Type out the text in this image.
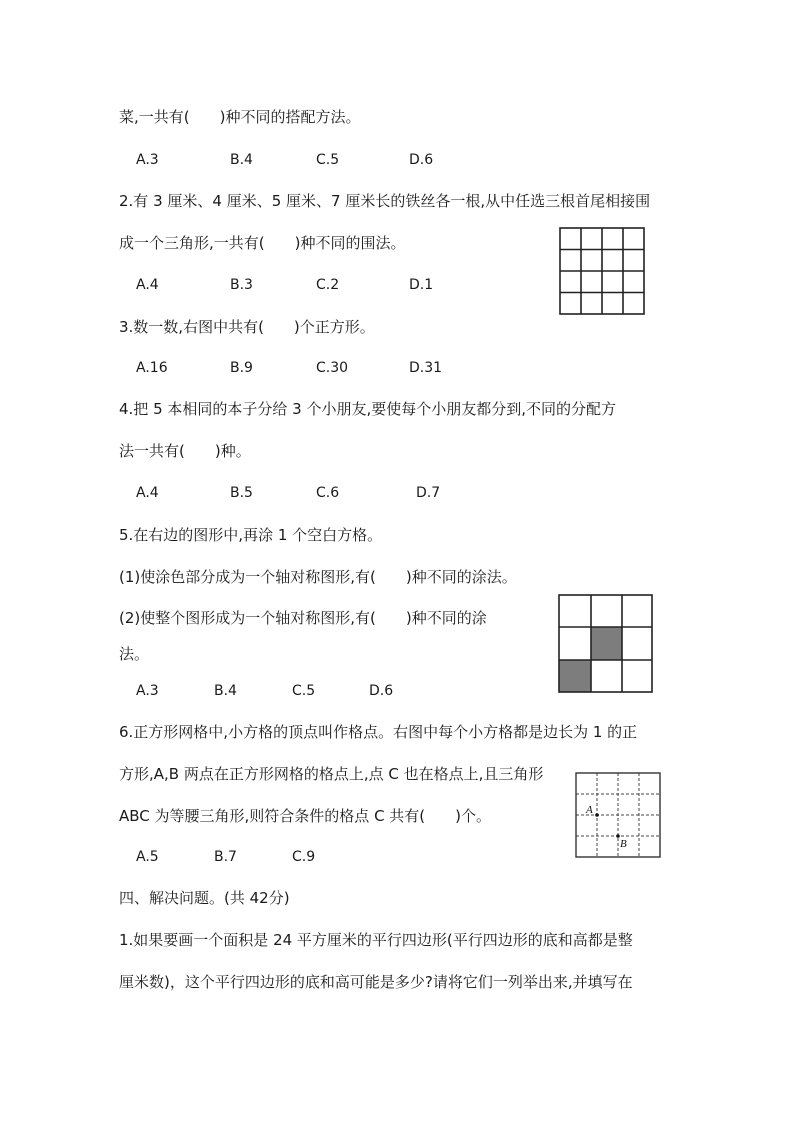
菜,一共有(　　)种不同的搭配方法。
A.3	B.4	C.5	D.6
2.有 3 厘米、4 厘米、5 厘米、7 厘米长的铁丝各一根,从中任选三根首尾相接围
成一个三角形,一共有(　　)种不同的围法。
A.4	B.3	C.2	D.1
3.数一数,右图中共有(　　)个正方形。
A.16	B.9	C.30	D.31
4.把 5 本相同的本子分给 3 个小朋友,要使每个小朋友都分到,不同的分配方
法一共有(　　)种。
A.4	B.5	C.6	D.7
5.在右边的图形中,再涂 1 个空白方格。
(1)使涂色部分成为一个轴对称图形,有(　　)种不同的涂法。
(2)使整个图形成为一个轴对称图形,有(　　)种不同的涂
法。
A.3	B.4	C.5	D.6
6.正方形网格中,小方格的顶点叫作格点。右图中每个小方格都是边长为 1 的正
方形,A,B 两点在正方形网格的格点上,点 C 也在格点上,且三角形
ABC 为等腰三角形,则符合条件的格点 C 共有(　　)个。	A
B
A.5	B.7	C.9
四、解决问题。(共 42分)
1.如果要画一个面积是 24 平方厘米的平行四边形(平行四边形的底和高都是整
厘米数)，这个平行四边形的底和高可能是多少?请将它们一列举出来,并填写在
